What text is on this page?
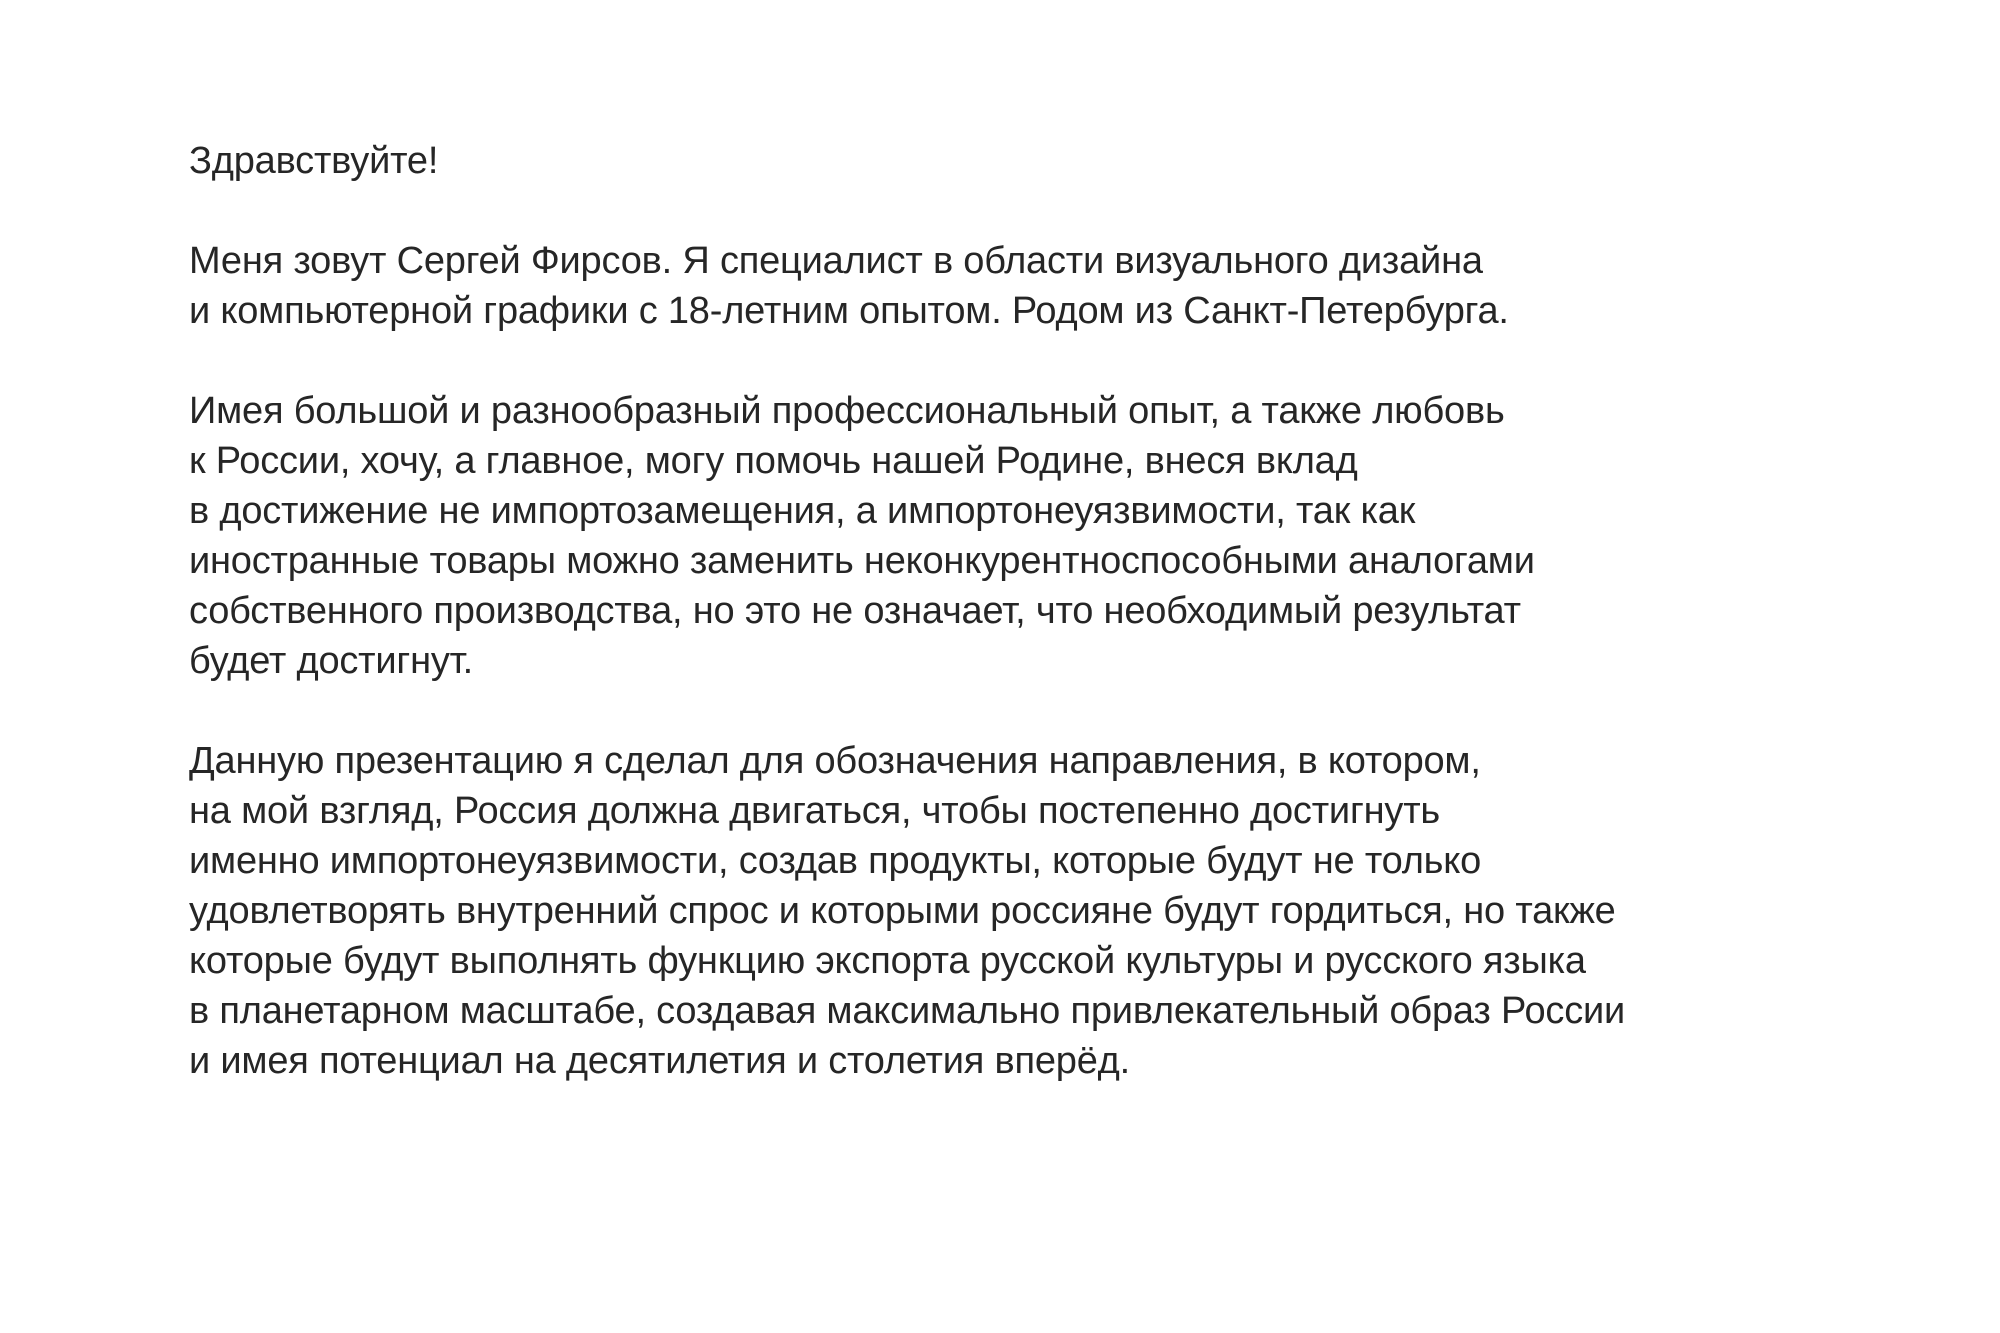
Здравствуйте!

Меня зовут Сергей Фирсов. Я специалист в области визуального дизайна
и компьютерной графики с 18-летним опытом. Родом из Санкт-Петербурга.

Имея большой и разнообразный профессиональный опыт, а также любовь
к России, хочу, а главное, могу помочь нашей Родине, внеся вклад
в достижение не импортозамещения, а импортонеуязвимости, так как
иностранные товары можно заменить неконкурентноспособными аналогами
собственного производства, но это не означает, что необходимый результат
будет достигнут.

Данную презентацию я сделал для обозначения направления, в котором,
на мой взгляд, Россия должна двигаться, чтобы постепенно достигнуть
именно импортонеуязвимости, создав продукты, которые будут не только
удовлетворять внутренний спрос и которыми россияне будут гордиться, но также
которые будут выполнять функцию экспорта русской культуры и русского языка
в планетарном масштабе, создавая максимально привлекательный образ России
и имея потенциал на десятилетия и столетия вперёд.
